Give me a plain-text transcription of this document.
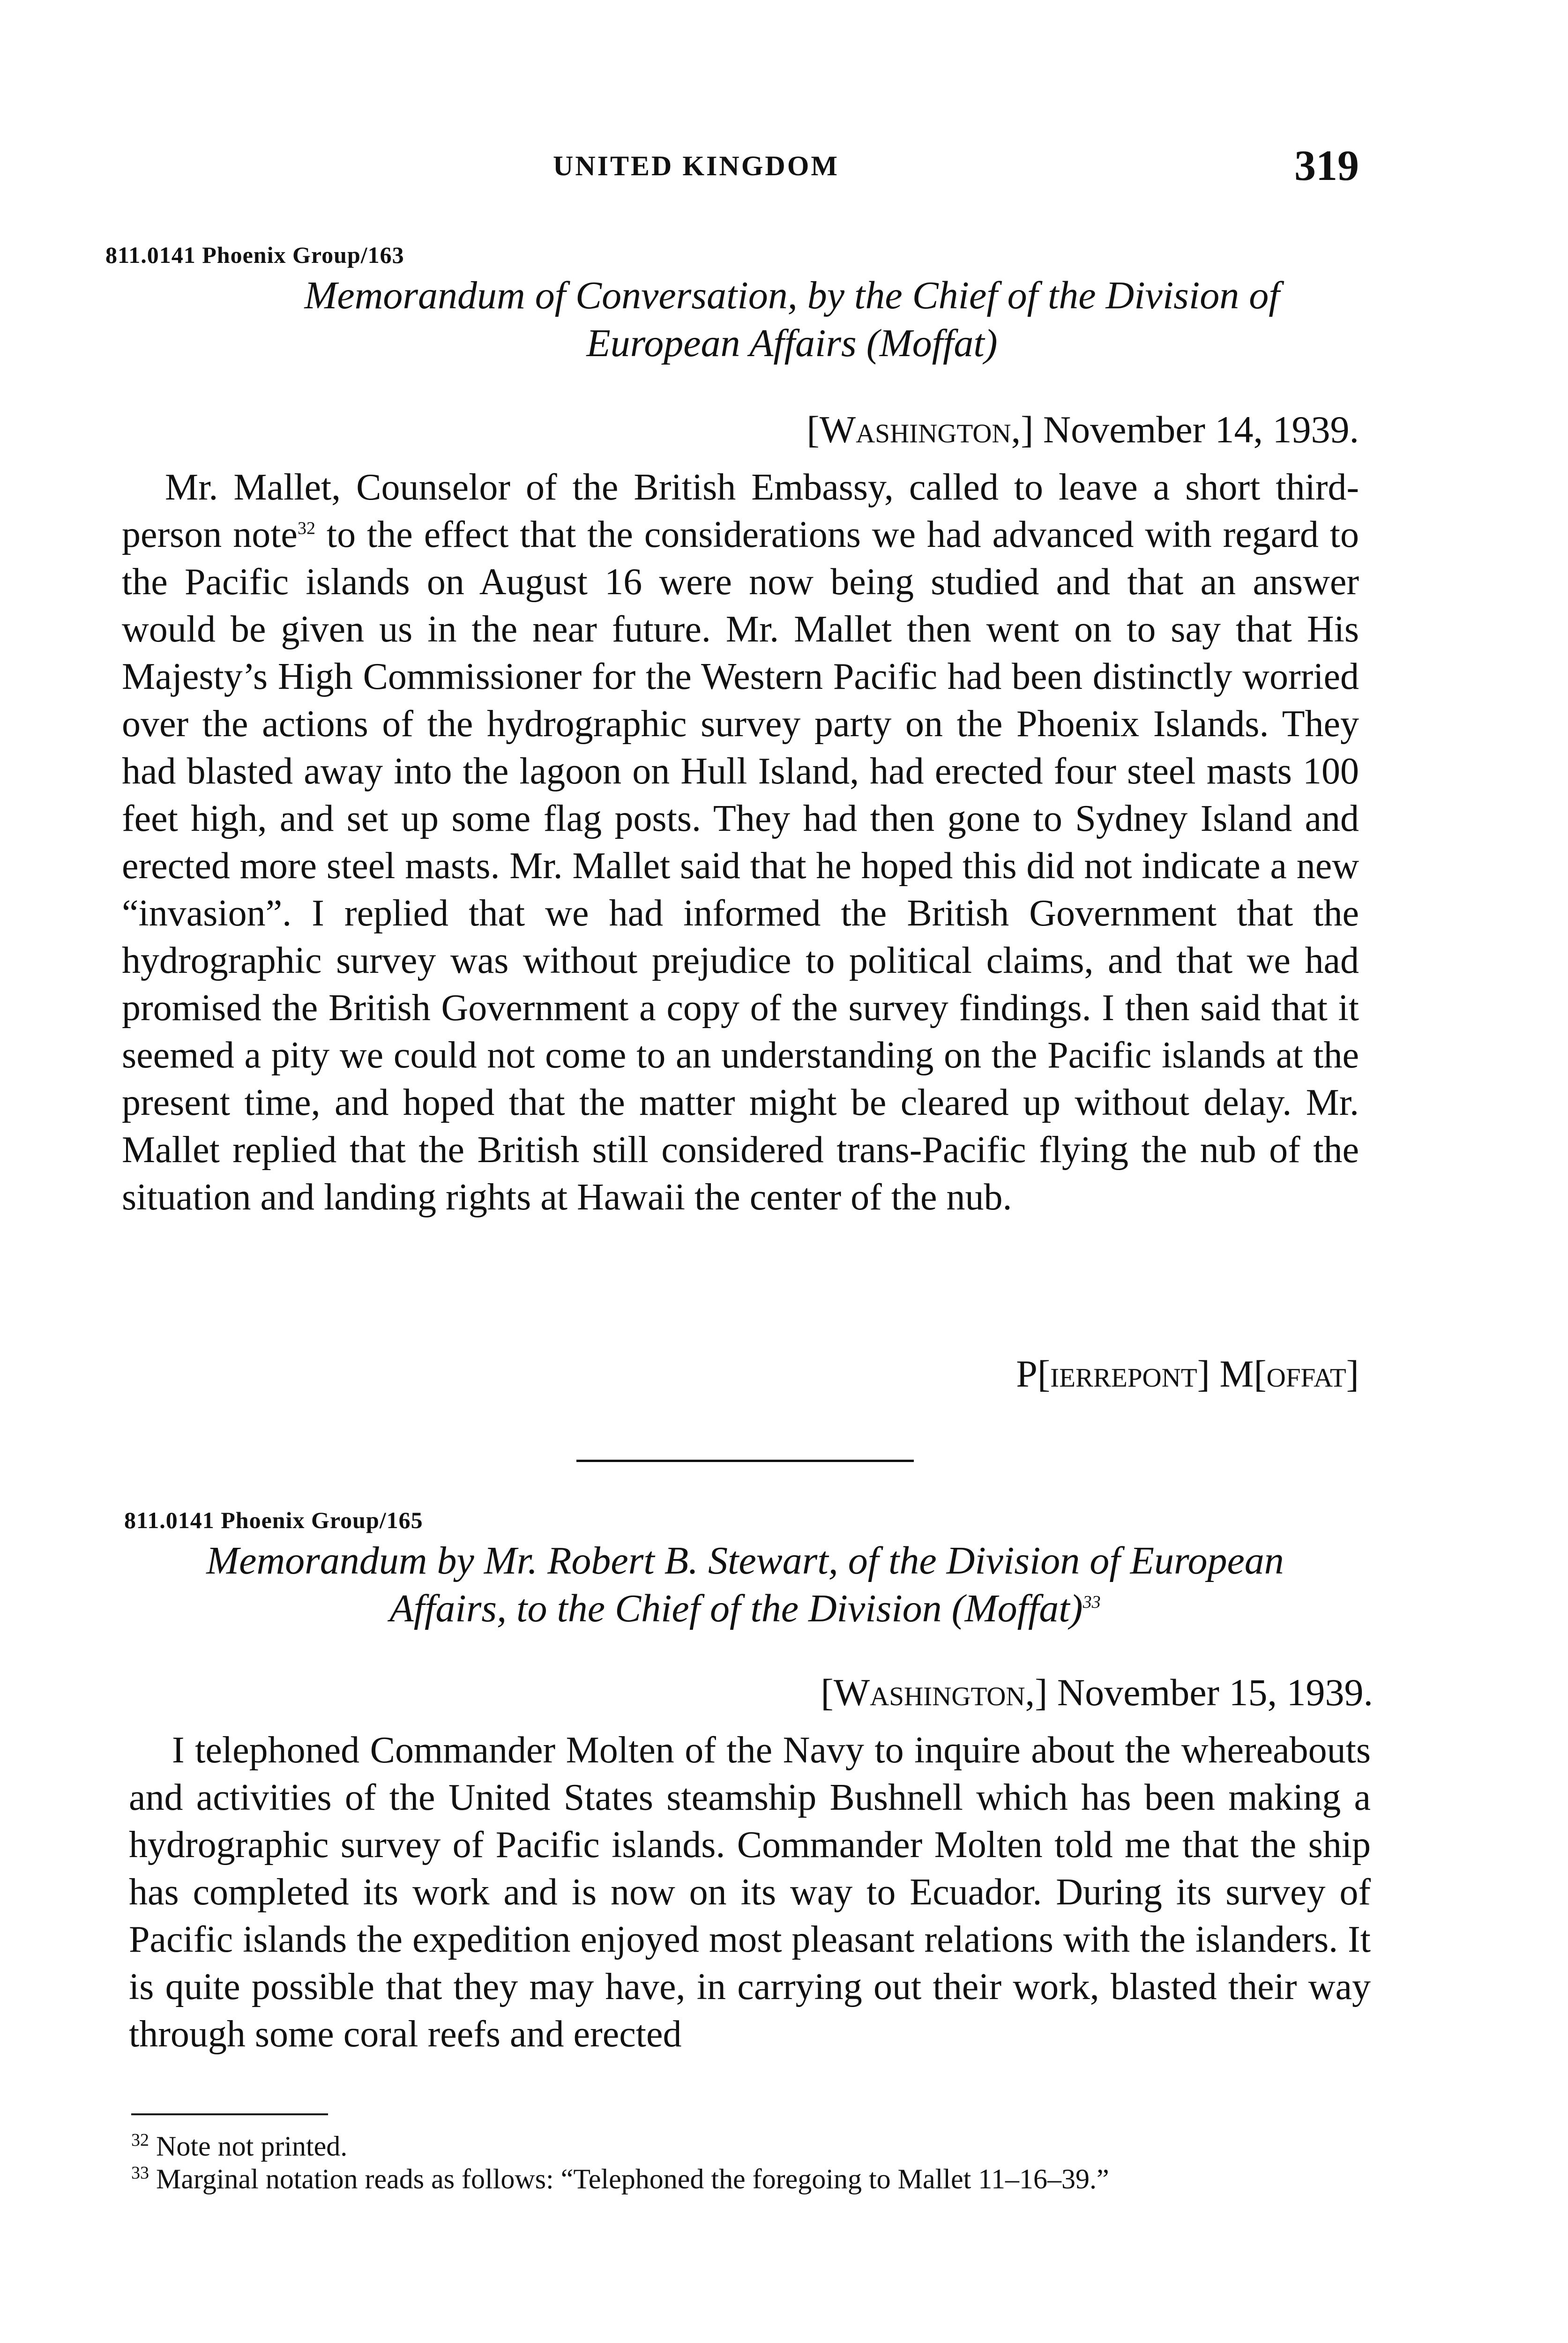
UNITED KINGDOM	319
811.0141 Phoenix Group/163
Memorandum of Conversation, by the Chief of the Division of
European Affairs (Moffat)
[Washington,] November 14, 1939.

Mr. Mallet, Counselor of the British Embassy, called to leave a short third-person note$^{32}$ to the effect that the considerations we had advanced with regard to the Pacific islands on August 16 were now being studied and that an answer would be given us in the near future. Mr. Mallet then went on to say that His Majesty’s High Commissioner for the Western Pacific had been distinctly worried over the actions of the hydrographic survey party on the Phoenix Islands. They had blasted away into the lagoon on Hull Island, had erected four steel masts 100 feet high, and set up some flag posts. They had then gone to Sydney Island and erected more steel masts. Mr. Mallet said that he hoped this did not indicate a new “invasion”. I replied that we had informed the British Government that the hydrographic survey was without prejudice to political claims, and that we had promised the British Government a copy of the survey findings. I then said that it seemed a pity we could not come to an understanding on the Pacific islands at the present time, and hoped that the matter might be cleared up without delay. Mr. Mallet replied that the British still considered trans-Pacific flying the nub of the situation and landing rights at Hawaii the center of the nub.

P[ierrepont] M[offat]
811.0141 Phoenix Group/165
Memorandum by Mr. Robert B. Stewart, of the Division of European
Affairs, to the Chief of the Division (Moffat)$^{33}$
[Washington,] November 15, 1939.

I telephoned Commander Molten of the Navy to inquire about the whereabouts and activities of the United States steamship Bushnell which has been making a hydrographic survey of Pacific islands. Commander Molten told me that the ship has completed its work and is now on its way to Ecuador. During its survey of Pacific islands the expedition enjoyed most pleasant relations with the islanders. It is quite possible that they may have, in carrying out their work, blasted their way through some coral reefs and erected

$^{32}$ Note not printed.
$^{33}$ Marginal notation reads as follows: “Telephoned the foregoing to Mallet 11–16–39.”
